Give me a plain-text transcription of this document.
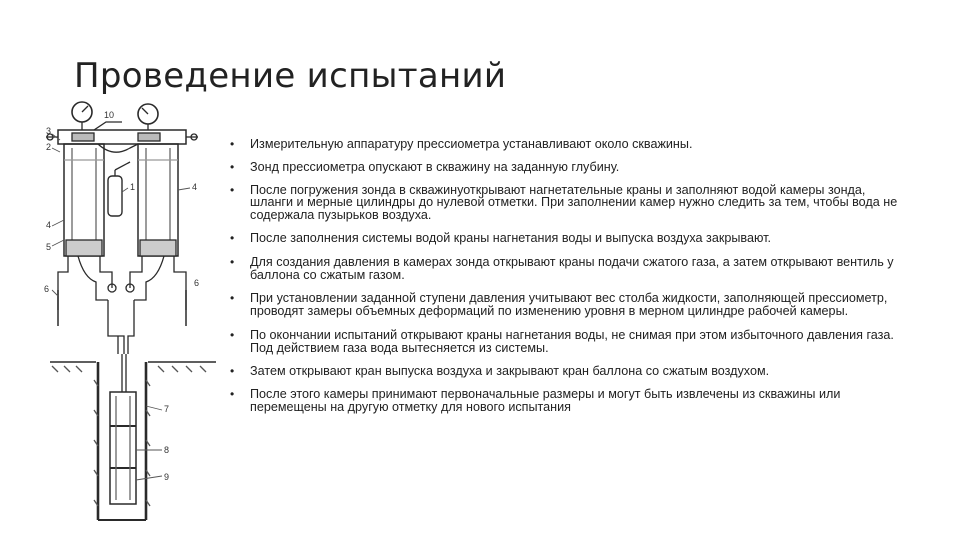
Проведение испытаний
3
2
10
1
4
5
4
6
6
7
8
9
• Измерительную аппаратуру прессиометра устанавливают около скважины.
• Зонд прессиометра опускают в скважину на заданную глубину.
• После погружения зонда в скважинуоткрывают нагнетательные краны и заполняют водой камеры зонда, шланги и мерные цилиндры до нулевой отметки. При заполнении камер нужно следить за тем, чтобы вода не содержала пузырьков воздуха.
• После заполнения системы водой краны нагнетания воды и выпуска воздуха закрывают.
• Для создания давления в камерах зонда открывают краны подачи сжатого газа, а затем открывают вентиль у баллона со сжатым газом.
• При установлении заданной ступени давления учитывают вес столба жидкости, заполняющей прессиометр, проводят замеры объемных деформаций по изменению уровня в мерном цилиндре рабочей камеры.
• По окончании испытаний открывают краны нагнетания воды, не снимая при этом избыточного давления газа. Под действием газа вода вытесняется из системы.
• Затем открывают кран выпуска воздуха и закрывают кран баллона со сжатым воздухом.
• После этого камеры принимают первоначальные размеры и могут быть извлечены из скважины или перемещены на другую отметку для нового испытания
